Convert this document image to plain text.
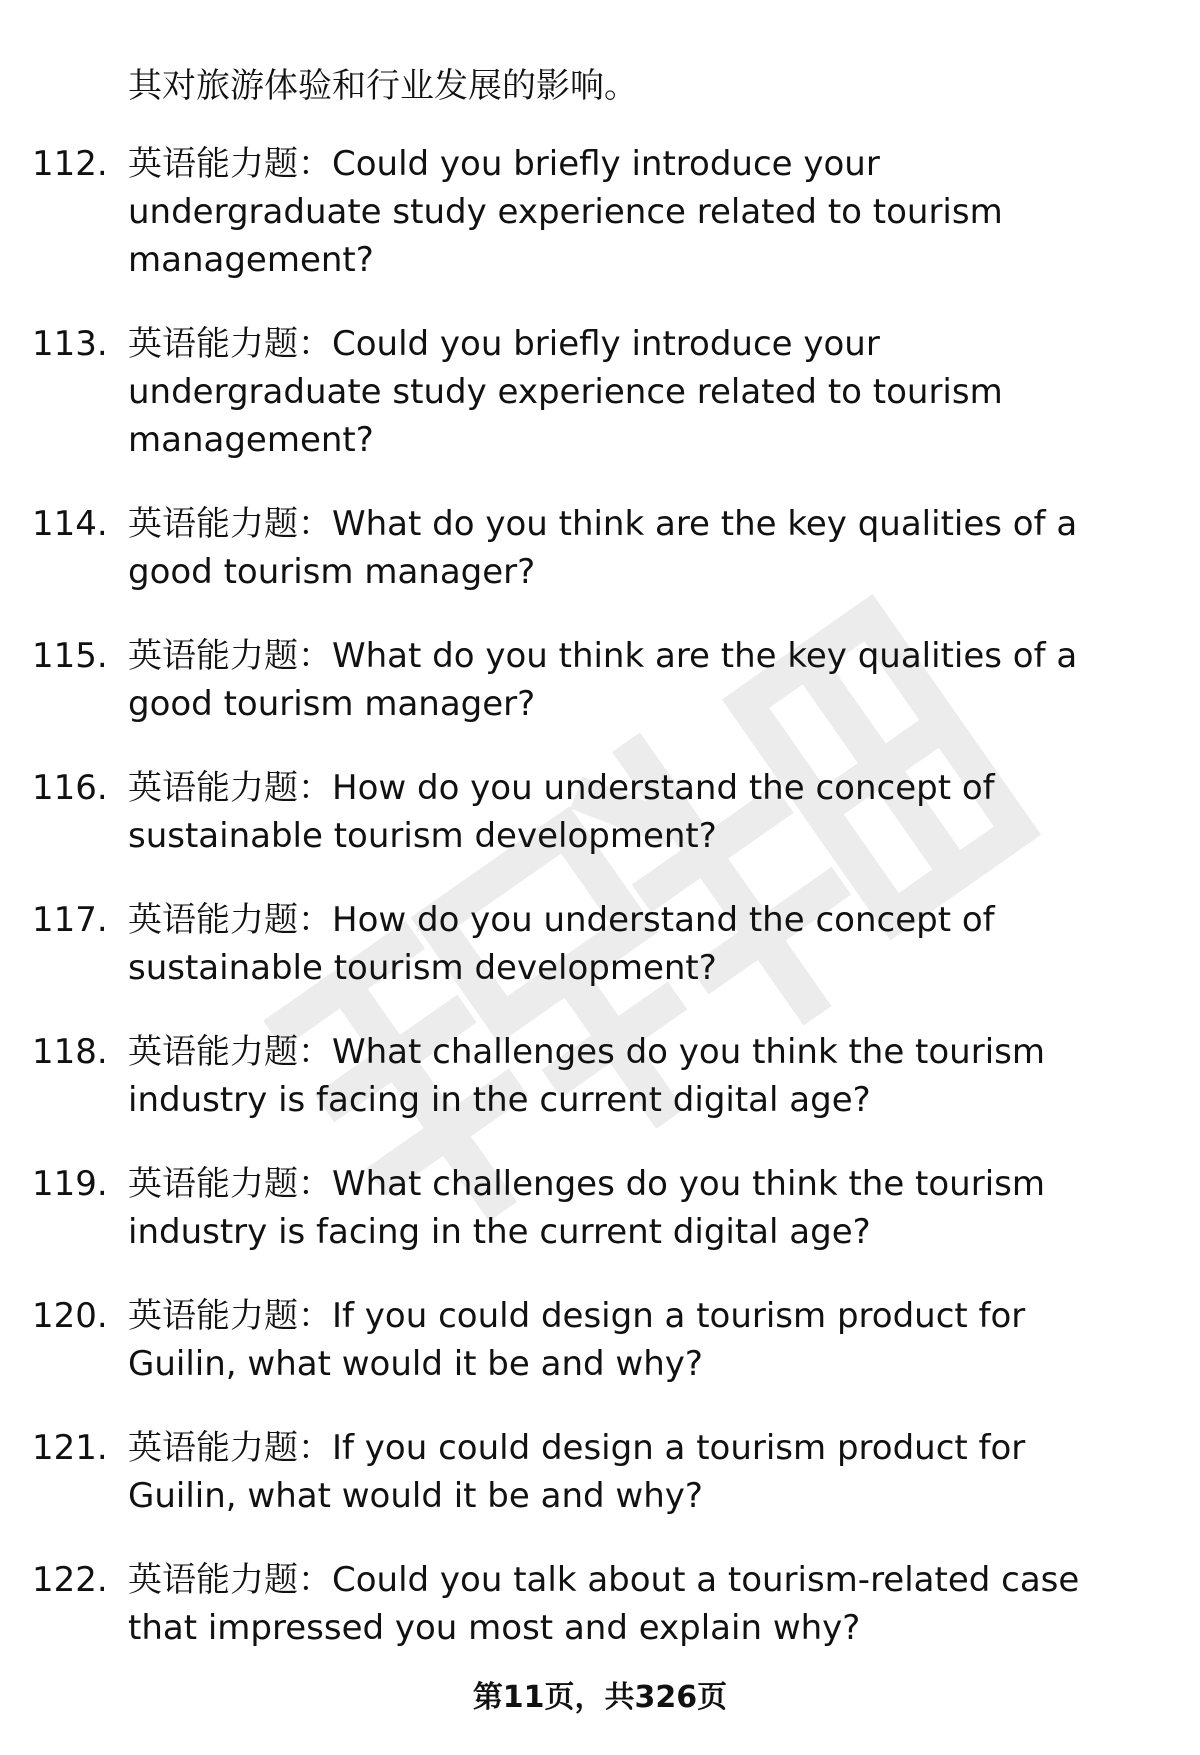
其对旅游体验和行业发展的影响。
112. 英语能力题：Could you briefly introduce your undergraduate study experience related to tourism management?
113. 英语能力题：Could you briefly introduce your undergraduate study experience related to tourism management?
114. 英语能力题：What do you think are the key qualities of a good tourism manager?
115. 英语能力题：What do you think are the key qualities of a good tourism manager?
116. 英语能力题：How do you understand the concept of sustainable tourism development?
117. 英语能力题：How do you understand the concept of sustainable tourism development?
118. 英语能力题：What challenges do you think the tourism industry is facing in the current digital age?
119. 英语能力题：What challenges do you think the tourism industry is facing in the current digital age?
120. 英语能力题：If you could design a tourism product for Guilin, what would it be and why?
121. 英语能力题：If you could design a tourism product for Guilin, what would it be and why?
122. 英语能力题：Could you talk about a tourism-related case that impressed you most and explain why?
第11页，共326页
